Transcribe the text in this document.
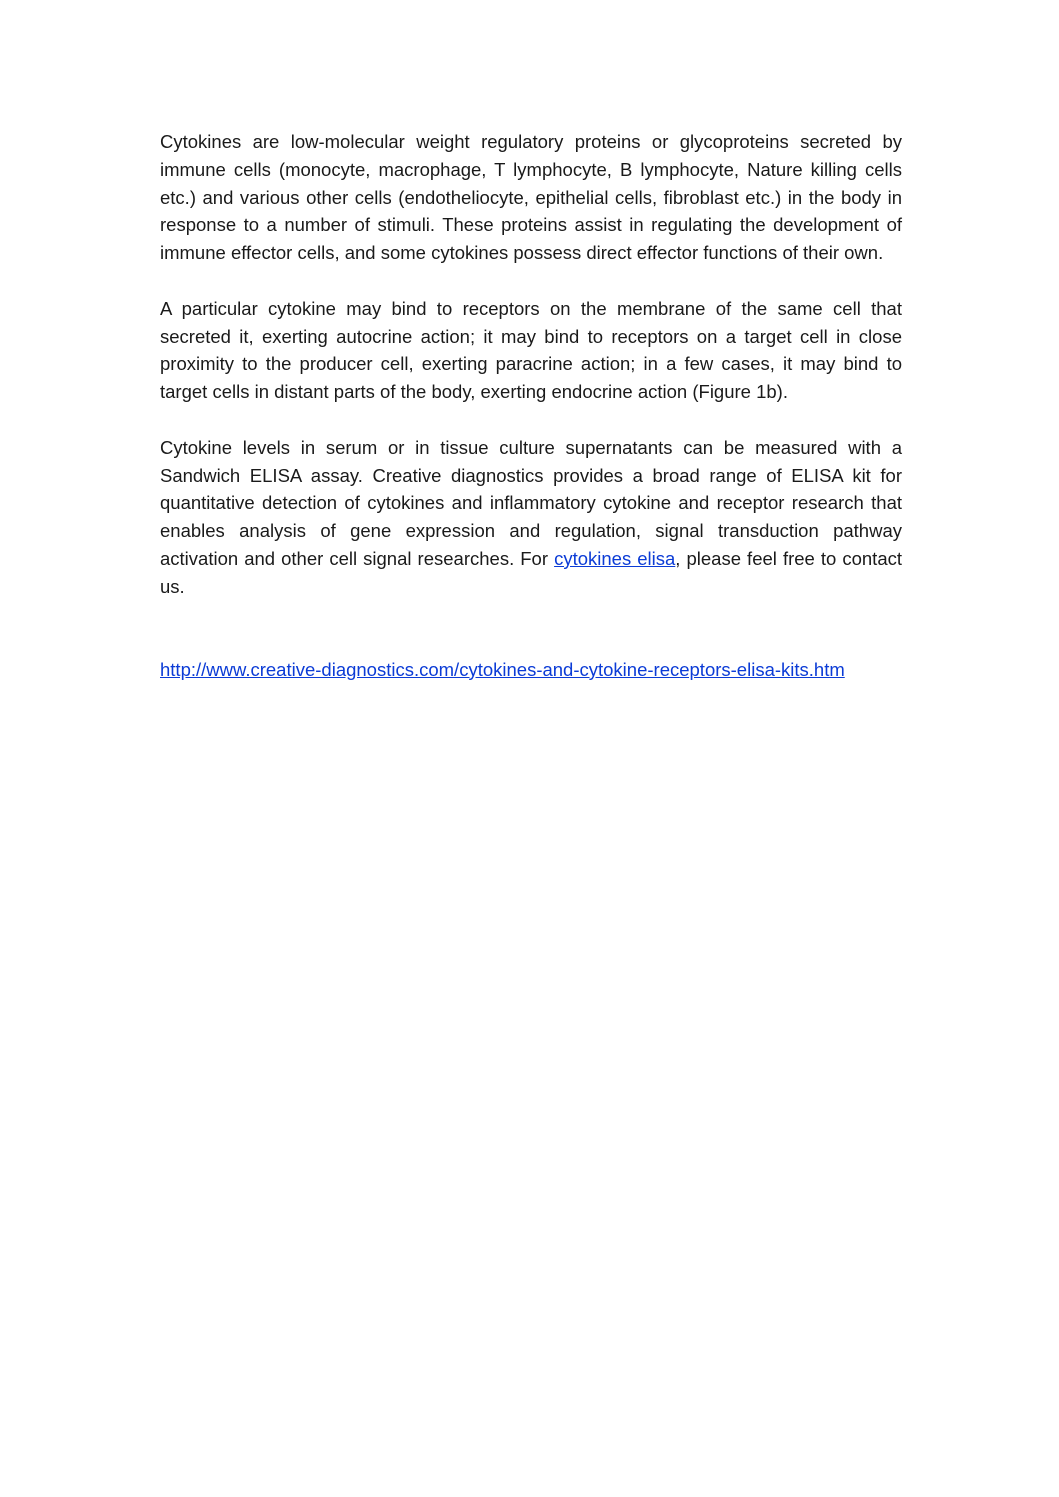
Cytokines are low-molecular weight regulatory proteins or glycoproteins secreted by immune cells (monocyte, macrophage, T lymphocyte, B lymphocyte, Nature killing cells etc.) and various other cells (endotheliocyte, epithelial cells, fibroblast etc.) in the body in response to a number of stimuli. These proteins assist in regulating the development of immune effector cells, and some cytokines possess direct effector functions of their own.

A particular cytokine may bind to receptors on the membrane of the same cell that secreted it, exerting autocrine action; it may bind to receptors on a target cell in close proximity to the producer cell, exerting paracrine action; in a few cases, it may bind to target cells in distant parts of the body, exerting endocrine action (Figure 1b).

Cytokine levels in serum or in tissue culture supernatants can be measured with a Sandwich ELISA assay. Creative diagnostics provides a broad range of ELISA kit for quantitative detection of cytokines and inflammatory cytokine and receptor research that enables analysis of gene expression and regulation, signal transduction pathway activation and other cell signal researches. For cytokines elisa, please feel free to contact us.

http://www.creative-diagnostics.com/cytokines-and-cytokine-receptors-elisa-kits.htm
